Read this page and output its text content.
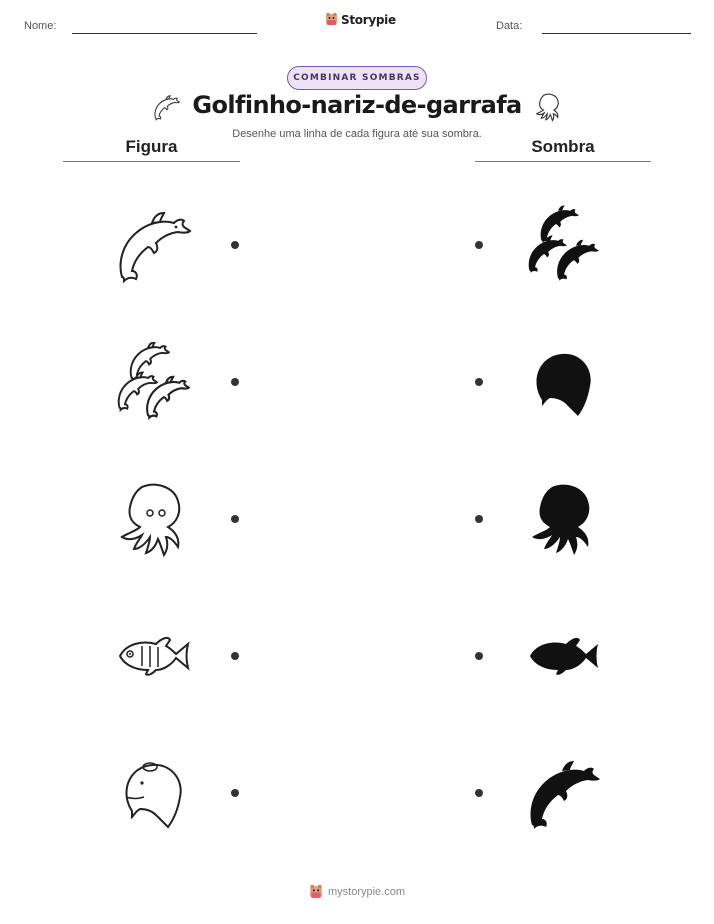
Nome:	Storypie	Data:
COMBINAR SOMBRAS
Golfinho-nariz-de-garrafa
Desenhe uma linha de cada figura até sua sombra.
Figura	Sombra
mystorypie.com
